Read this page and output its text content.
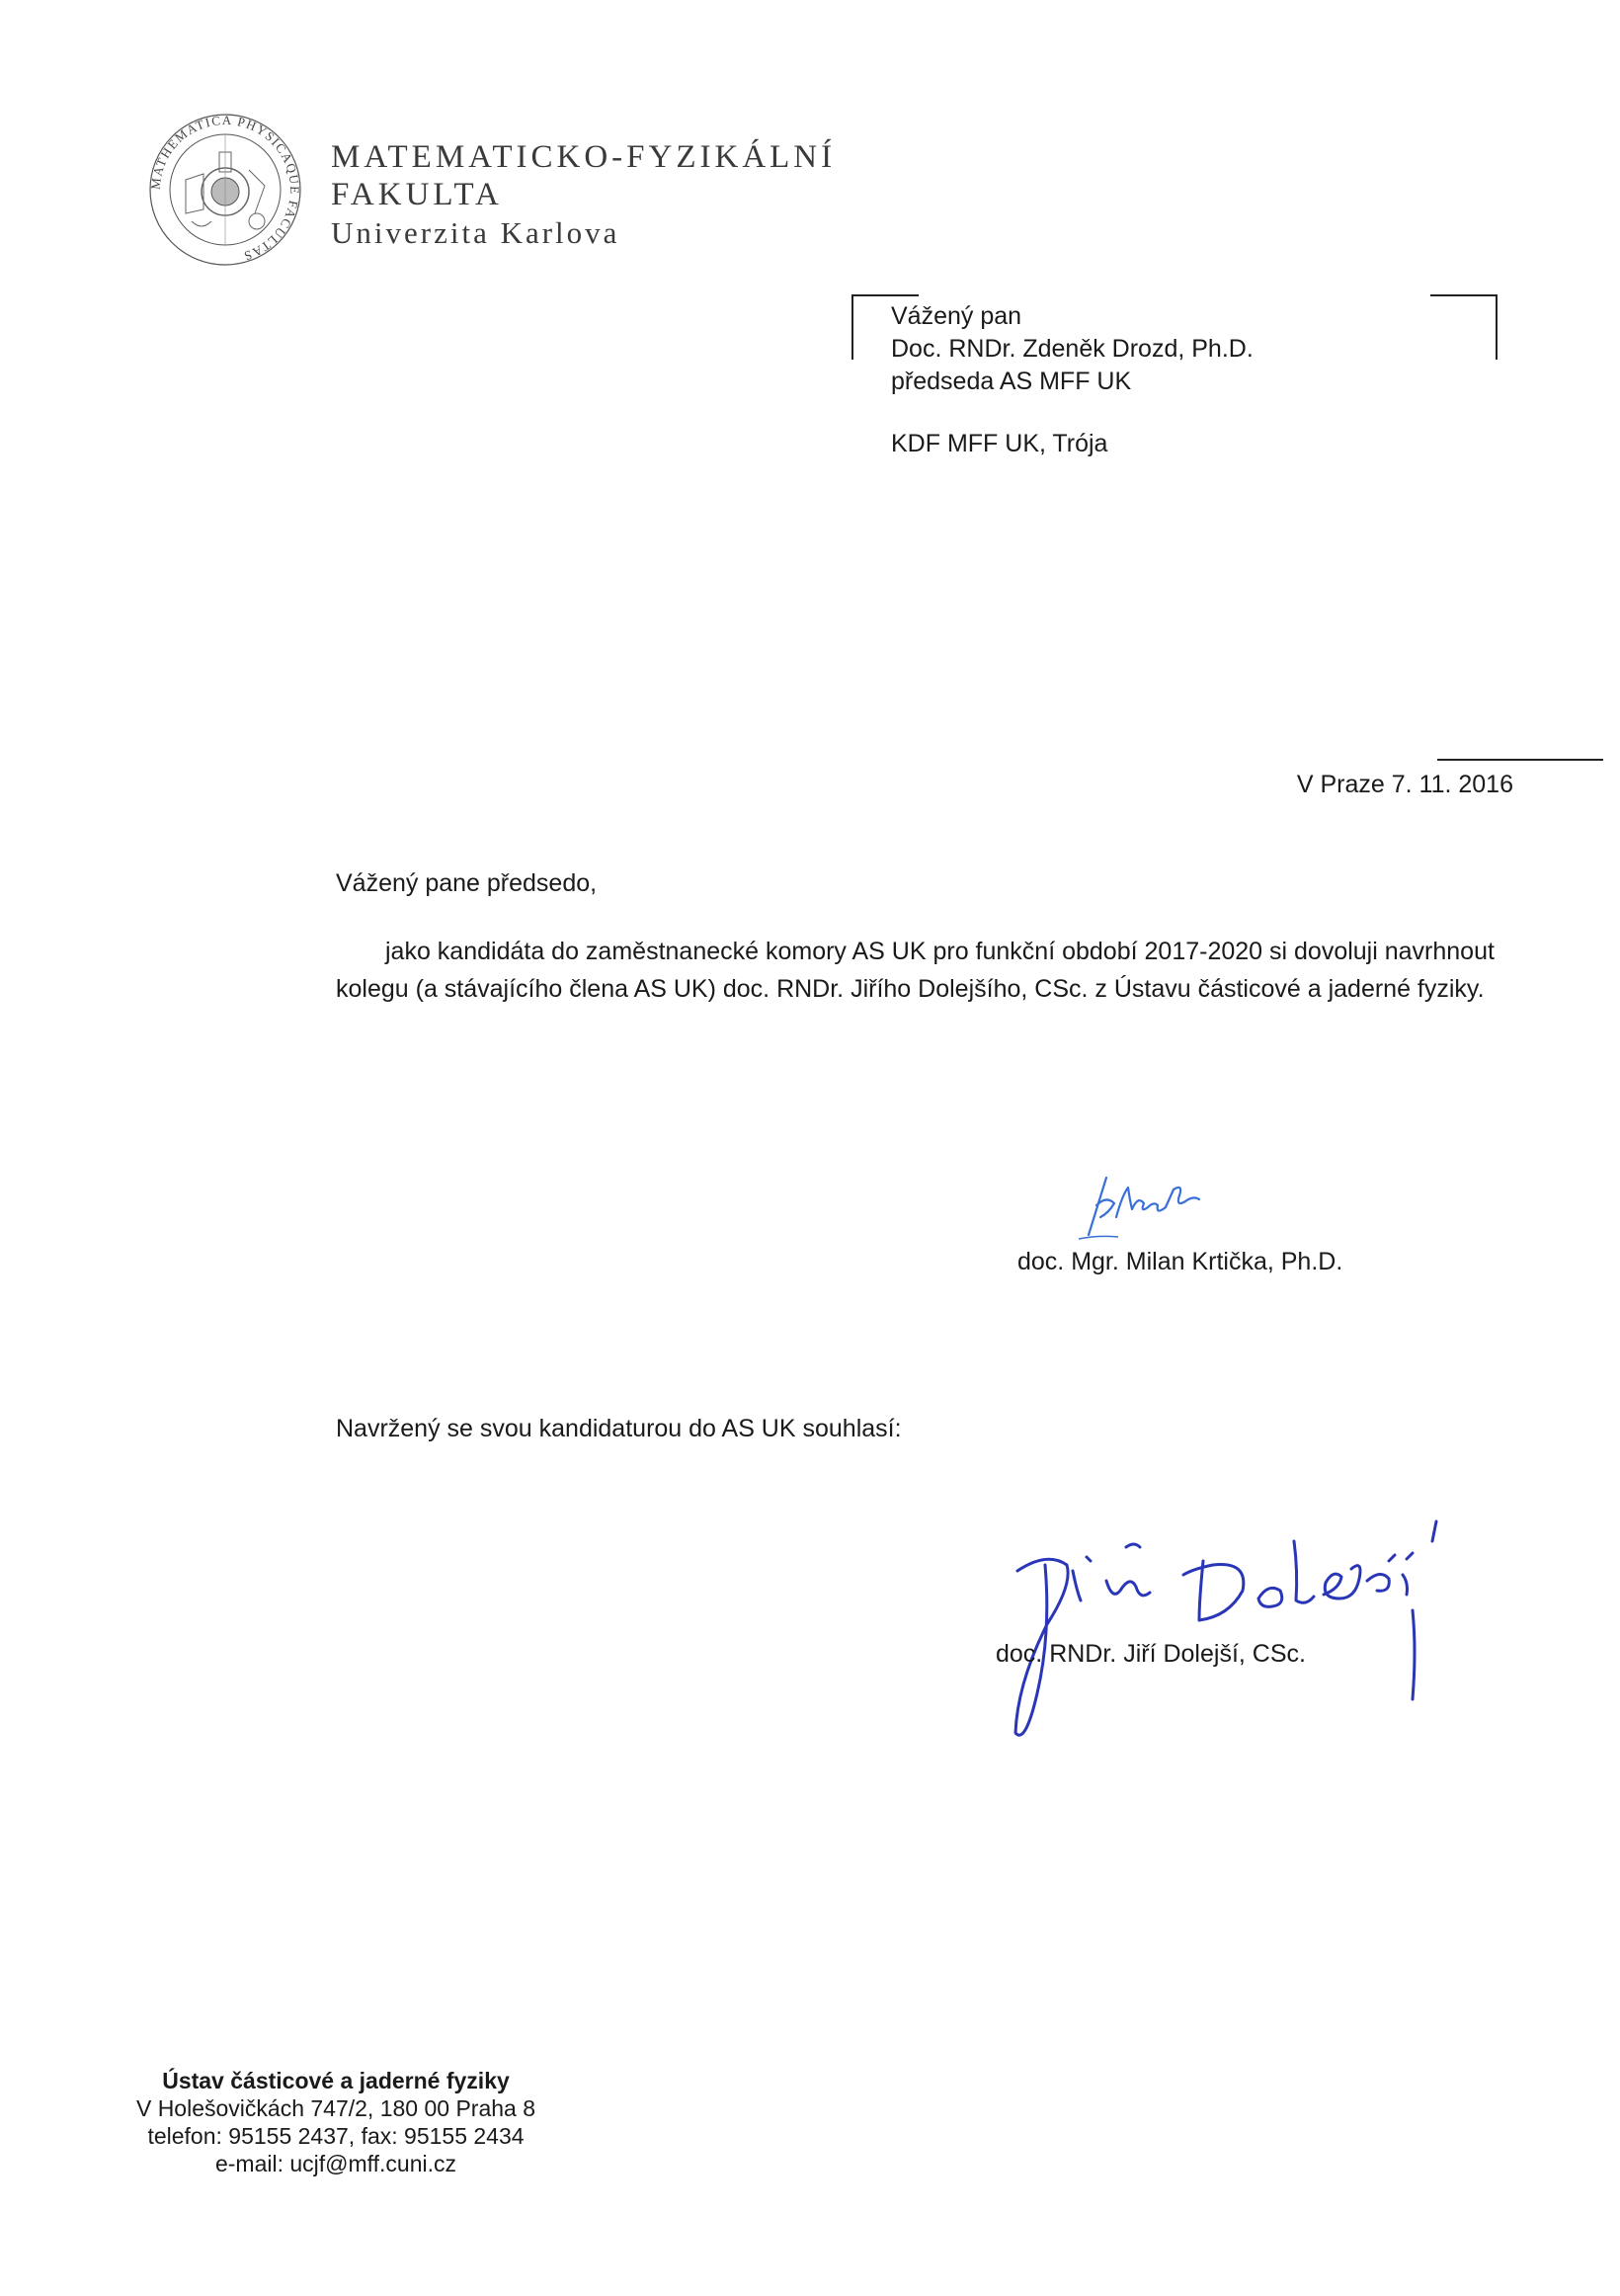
MATHEMATICA PHYSICAQUE FACULTAS
MATEMATICKO-FYZIKÁLNÍ
FAKULTA
Univerzita Karlova
Vážený pan
Doc. RNDr. Zdeněk Drozd, Ph.D.
předseda AS MFF UK
KDF MFF UK, Trója
V Praze 7. 11. 2016
Vážený pane předsedo,
jako kandidáta do zaměstnanecké komory AS UK pro funkční období 2017-2020 si dovoluji navrhnout kolegu (a stávajícího člena AS UK) doc. RNDr. Jiřího Dolejšího, CSc. z Ústavu částicové a jaderné fyziky.
doc. Mgr. Milan Krtička, Ph.D.
Navržený se svou kandidaturou do AS UK souhlasí:
doc. RNDr. Jiří Dolejší, CSc.
Ústav částicové a jaderné fyziky
V Holešovičkách 747/2, 180 00 Praha 8
telefon: 95155 2437, fax: 95155 2434
e-mail: ucjf@mff.cuni.cz
